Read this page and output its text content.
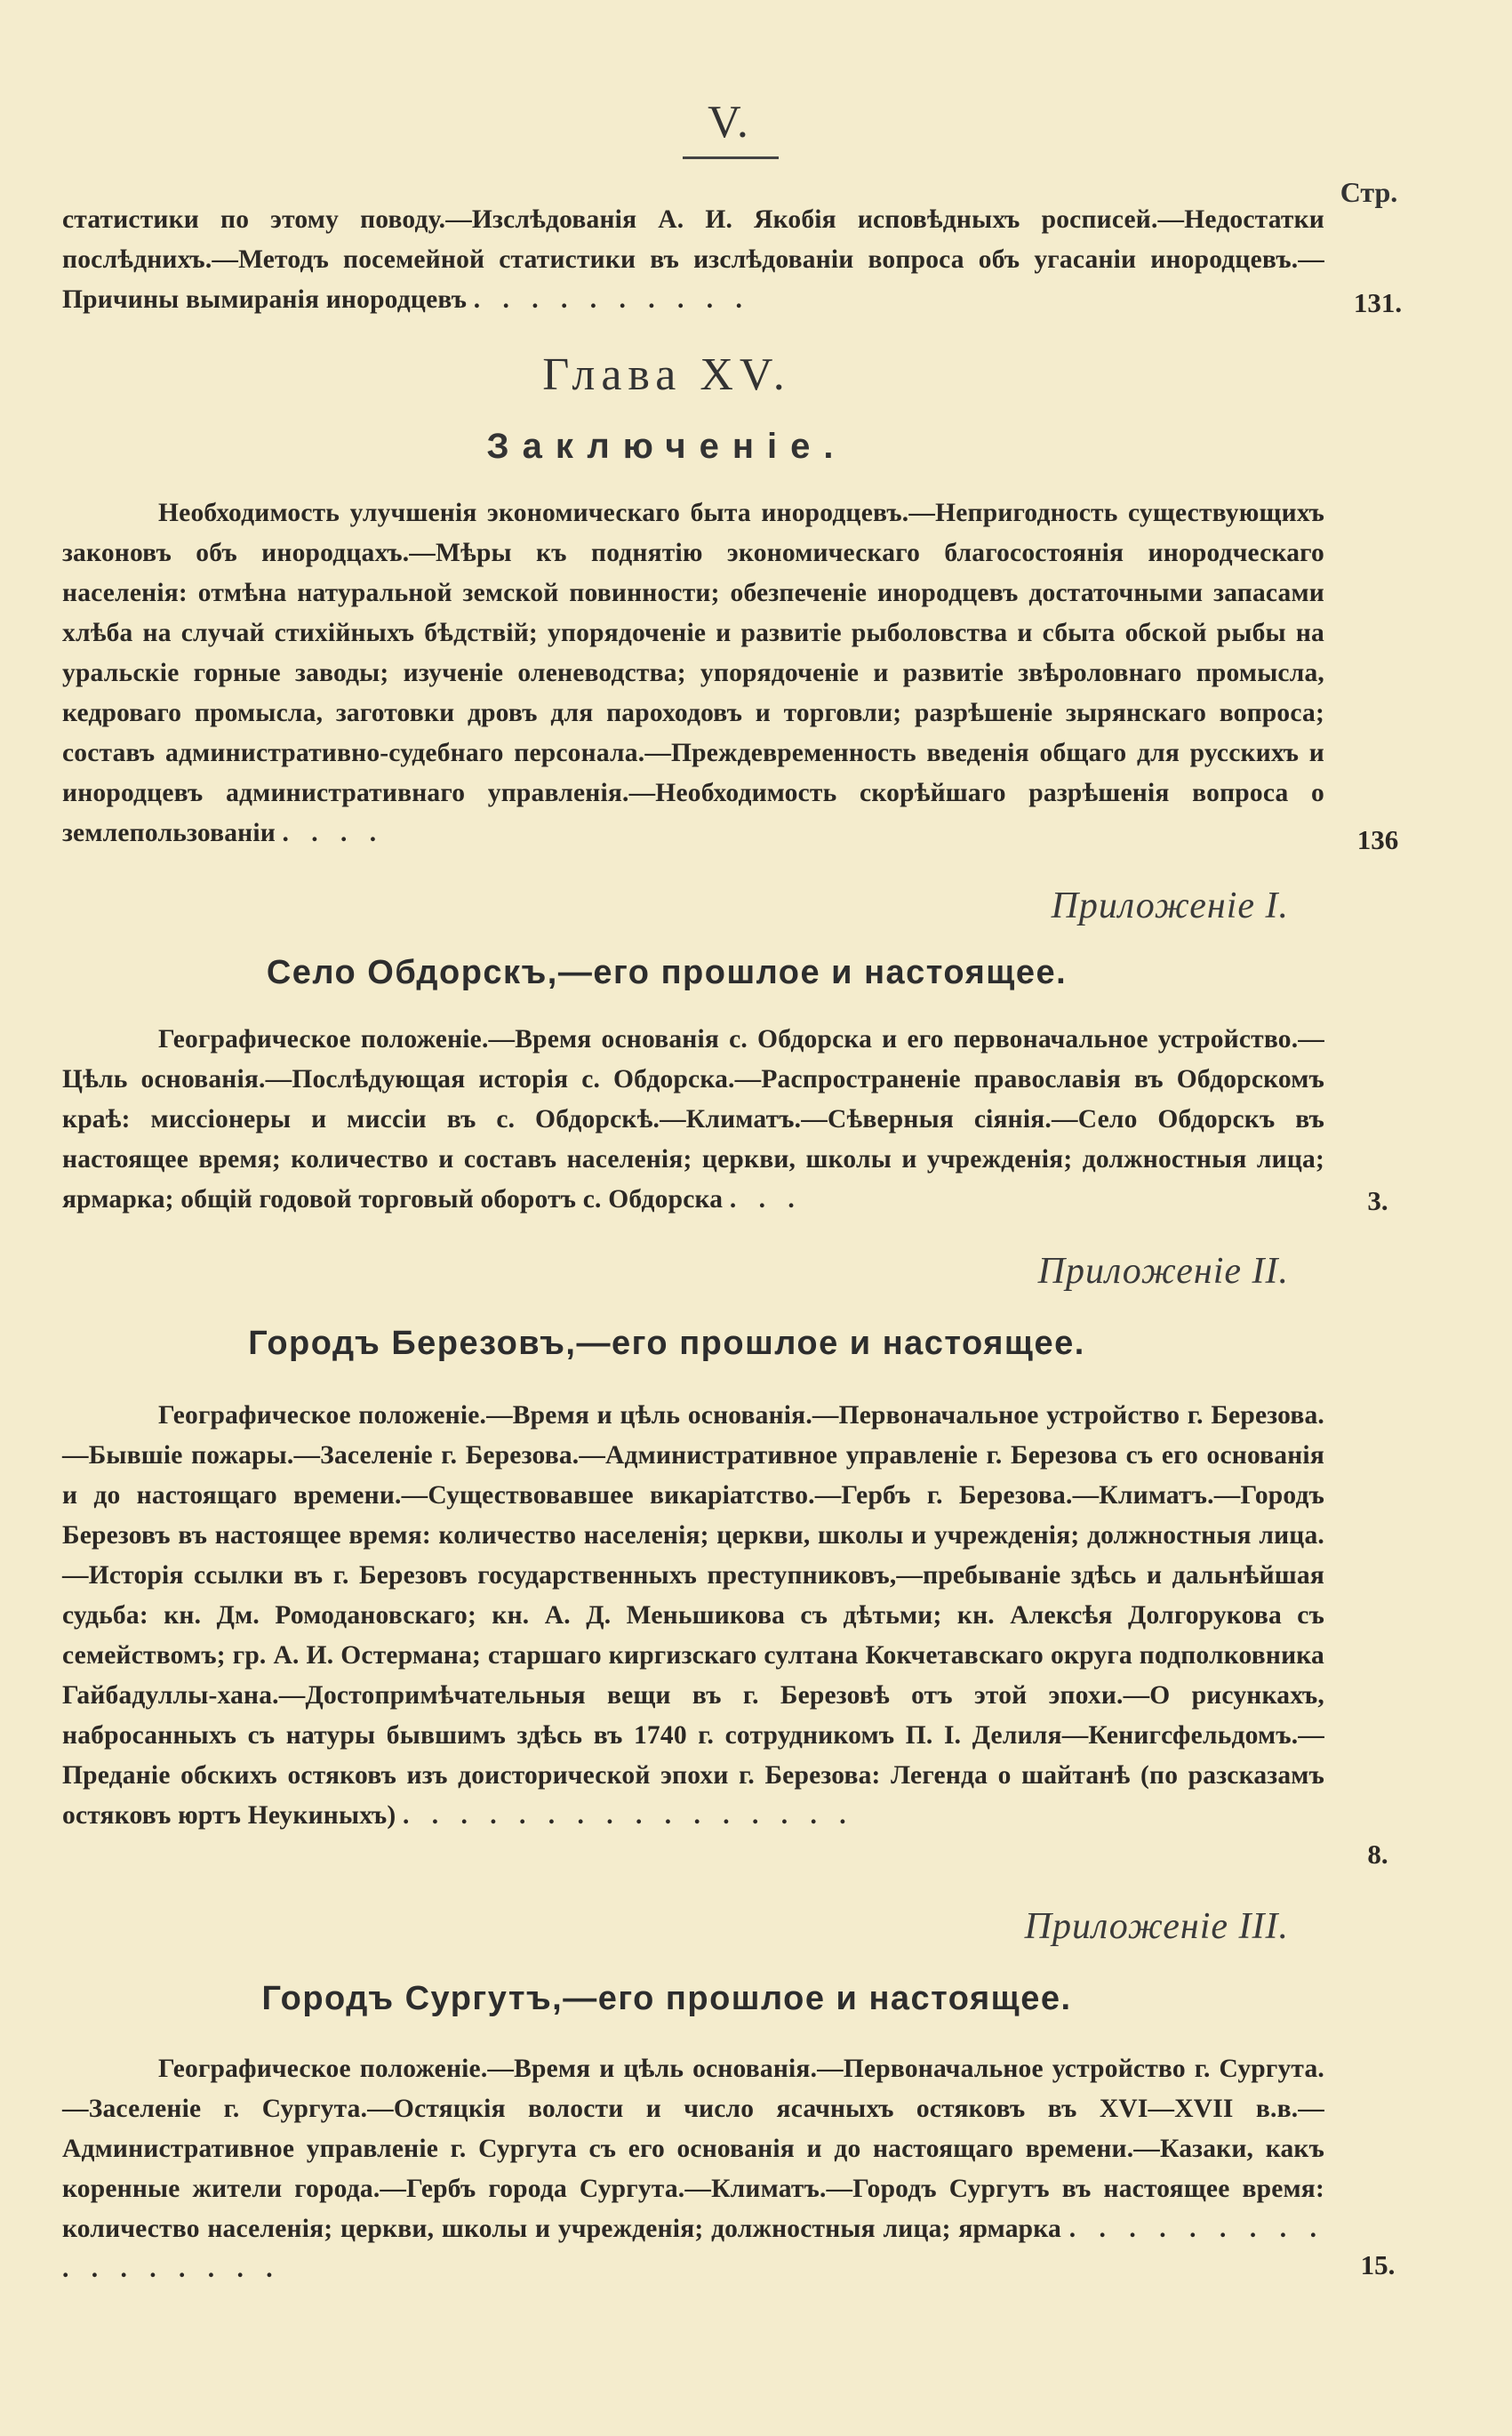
V.
Стр.
статистики по этому поводу.—Изслѣдованія А. И. Якобія исповѣдныхъ росписей.—Недостатки послѣднихъ.—Методъ посемейной статистики въ изслѣдованіи вопроса объ угасаніи инородцевъ.—Причины вымиранія инородцевъ . . . . . . . . . .	131.
Глава XV.
Заключеніе.
Необходимость улучшенія экономическаго быта инородцевъ.—Непригодность существующихъ законовъ объ инородцахъ.—Мѣры къ поднятію экономическаго благосостоянія инородческаго населенія: отмѣна натуральной земской повинности; обезпеченіе инородцевъ достаточными запасами хлѣба на случай стихійныхъ бѣдствій; упорядоченіе и развитіе рыболовства и сбыта обской рыбы на уральскіе горные заводы; изученіе оленеводства; упорядоченіе и развитіе звѣроловнаго промысла, кедроваго промысла, заготовки дровъ для пароходовъ и торговли; разрѣшеніе зырянскаго вопроса; составъ административно-судебнаго персонала.—Преждевременность введенія общаго для русскихъ и инородцевъ административнаго управленія.—Необходимость скорѣйшаго разрѣшенія вопроса о землепользованіи . . . .	136
Приложеніе I.
Село Обдорскъ,—его прошлое и настоящее.
Географическое положеніе.—Время основанія с. Обдорска и его первоначальное устройство.—Цѣль основанія.—Послѣдующая исторія с. Обдорска.—Распространеніе православія въ Обдорскомъ краѣ: миссіонеры и миссіи въ с. Обдорскѣ.—Климатъ.—Сѣверныя сіянія.—Село Обдорскъ въ настоящее время; количество и составъ населенія; церкви, школы и учрежденія; должностныя лица; ярмарка; общій годовой торговый оборотъ с. Обдорска . . .	3.
Приложеніе II.
Городъ Березовъ,—его прошлое и настоящее.
Географическое положеніе.—Время и цѣль основанія.—Первоначальное устройство г. Березова.—Бывшіе пожары.—Заселеніе г. Березова.—Административное управленіе г. Березова съ его основанія и до настоящаго времени.—Существовавшее викаріатство.—Гербъ г. Березова.—Климатъ.—Городъ Березовъ въ настоящее время: количество населенія; церкви, школы и учрежденія; должностныя лица.—Исторія ссылки въ г. Березовъ государственныхъ преступниковъ,—пребываніе здѣсь и дальнѣйшая судьба: кн. Дм. Ромодановскаго; кн. А. Д. Меньшикова съ дѣтьми; кн. Алексѣя Долгорукова съ семействомъ; гр. А. И. Остермана; старшаго киргизскаго султана Кокчетавскаго округа подполковника Гайбадуллы-хана.—Достопримѣчательныя вещи въ г. Березовѣ отъ этой эпохи.—О рисункахъ, набросанныхъ съ натуры бывшимъ здѣсь въ 1740 г. сотрудникомъ П. І. Делиля—Кенигсфельдомъ.—Преданіе обскихъ остяковъ изъ доисторической эпохи г. Березова: Легенда о шайтанѣ (по разсказамъ остяковъ юртъ Неукиныхъ) . . . . . . . . . . . . . . . .
8.
Приложеніе III.
Городъ Сургутъ,—его прошлое и настоящее.
Географическое положеніе.—Время и цѣль основанія.—Первоначальное устройство г. Сургута.—Заселеніе г. Сургута.—Остяцкія волости и число ясачныхъ остяковъ въ XVI—XVII в.в.—Административное управленіе г. Сургута съ его основанія и до настоящаго времени.—Казаки, какъ коренные жители города.—Гербъ города Сургута.—Климатъ.—Городъ Сургутъ въ настоящее время: количество населенія; церкви, школы и учрежденія; должностныя лица; ярмарка . . . . . . . . . . . . . . . . .	15.
